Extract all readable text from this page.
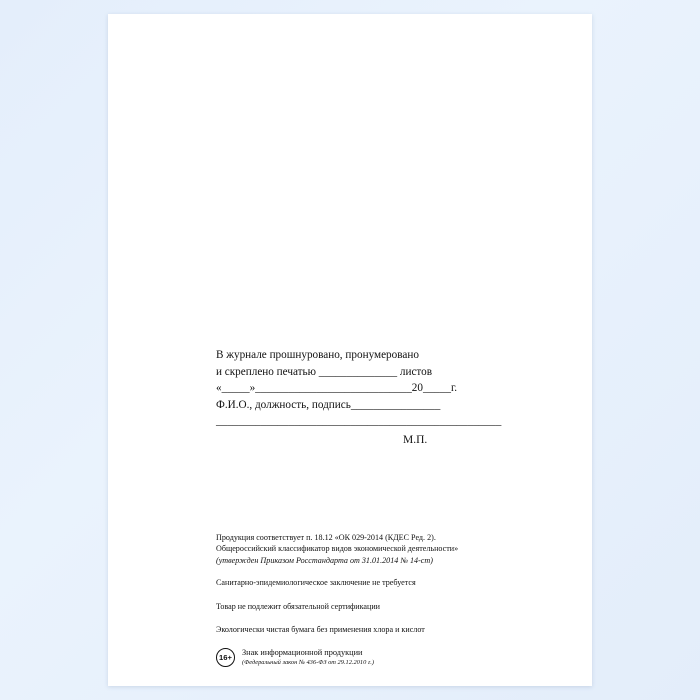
В журнале прошнуровано, пронумеровано
и скреплено печатью ______________ листов
«_____»____________________________20_____г.
Ф.И.О., должность, подпись________________
___________________________________________________
М.П.
Продукция соответствует п. 18.12 «ОК 029-2014 (КДЕС Ред. 2).
Общероссийский классификатор видов экономической деятельности»
(утвержден Приказом Росстандарта от 31.01.2014 № 14-ст)
Санитарно-эпидемиологическое заключение не требуется
Товар не подлежит обязательной сертификации
Экологически чистая бумага без применения хлора и кислот
16+
Знак информационной продукции
(Федеральный закон № 436-ФЗ от 29.12.2010 г.)
